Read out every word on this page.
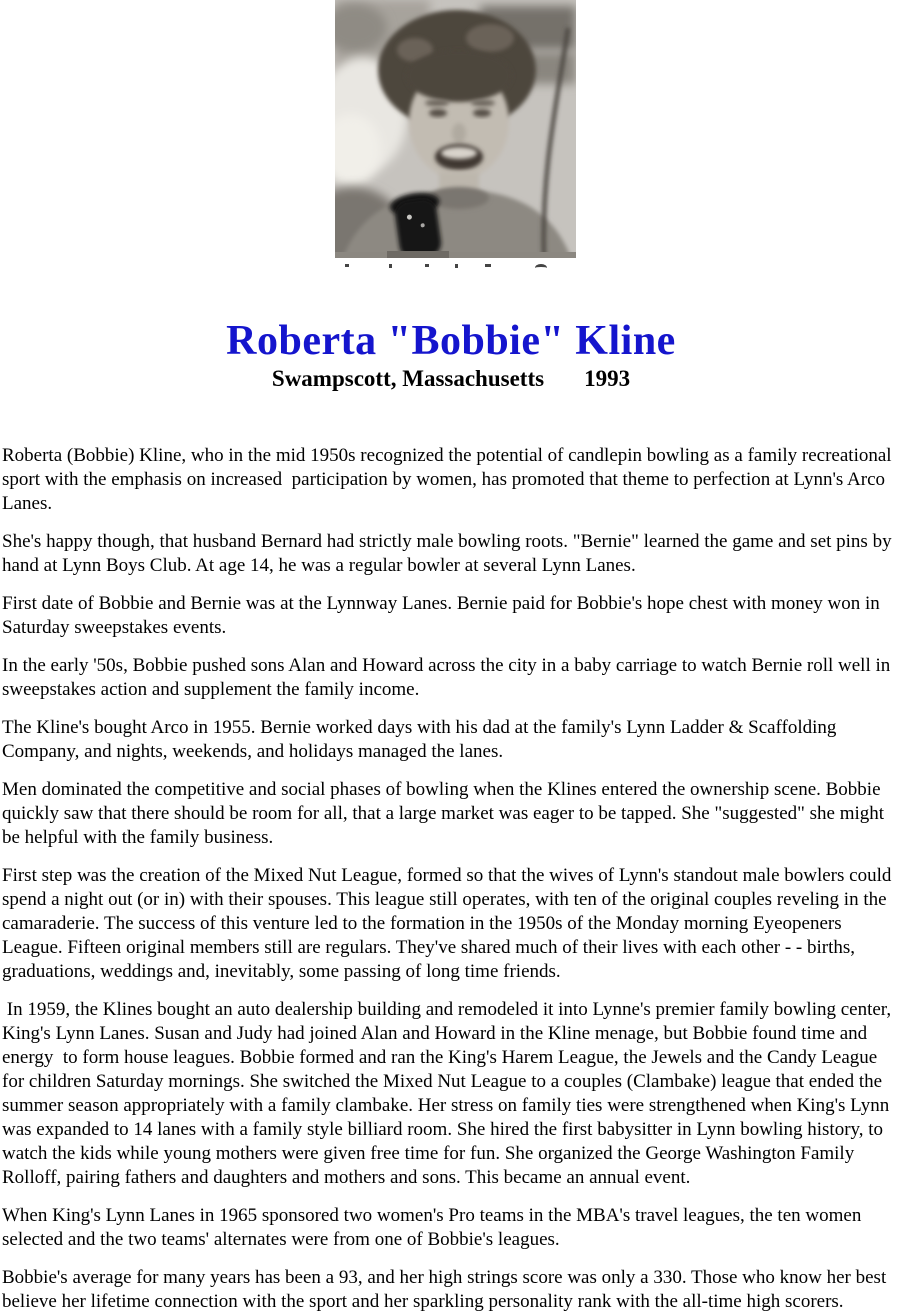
Roberta "Bobbie" Kline
Swampscott, Massachusetts 1993

Roberta (Bobbie) Kline, who in the mid 1950s recognized the potential of candlepin bowling as a family recreational sport with the emphasis on increased  participation by women, has promoted that theme to perfection at Lynn's Arco Lanes.

She's happy though, that husband Bernard had strictly male bowling roots. "Bernie" learned the game and set pins by hand at Lynn Boys Club. At age 14, he was a regular bowler at several Lynn Lanes.

First date of Bobbie and Bernie was at the Lynnway Lanes. Bernie paid for Bobbie's hope chest with money won in Saturday sweepstakes events.

In the early '50s, Bobbie pushed sons Alan and Howard across the city in a baby carriage to watch Bernie roll well in sweepstakes action and supplement the family income.

The Kline's bought Arco in 1955. Bernie worked days with his dad at the family's Lynn Ladder & Scaffolding Company, and nights, weekends, and holidays managed the lanes.

Men dominated the competitive and social phases of bowling when the Klines entered the ownership scene. Bobbie quickly saw that there should be room for all, that a large market was eager to be tapped. She "suggested" she might be helpful with the family business.

First step was the creation of the Mixed Nut League, formed so that the wives of Lynn's standout male bowlers could spend a night out (or in) with their spouses. This league still operates, with ten of the original couples reveling in the camaraderie. The success of this venture led to the formation in the 1950s of the Monday morning Eyeopeners League. Fifteen original members still are regulars. They've shared much of their lives with each other - - births, graduations, weddings and, inevitably, some passing of long time friends.

In 1959, the Klines bought an auto dealership building and remodeled it into Lynne's premier family bowling center, King's Lynn Lanes. Susan and Judy had joined Alan and Howard in the Kline menage, but Bobbie found time and energy  to form house leagues. Bobbie formed and ran the King's Harem League, the Jewels and the Candy League for children Saturday mornings. She switched the Mixed Nut League to a couples (Clambake) league that ended the summer season appropriately with a family clambake. Her stress on family ties were strengthened when King's Lynn was expanded to 14 lanes with a family style billiard room. She hired the first babysitter in Lynn bowling history, to watch the kids while young mothers were given free time for fun. She organized the George Washington Family Rolloff, pairing fathers and daughters and mothers and sons. This became an annual event.

When King's Lynn Lanes in 1965 sponsored two women's Pro teams in the MBA's travel leagues, the ten women selected and the two teams' alternates were from one of Bobbie's leagues.

Bobbie's average for many years has been a 93, and her high strings score was only a 330. Those who know her best believe her lifetime connection with the sport and her sparkling personality rank with the all-time high scorers.
